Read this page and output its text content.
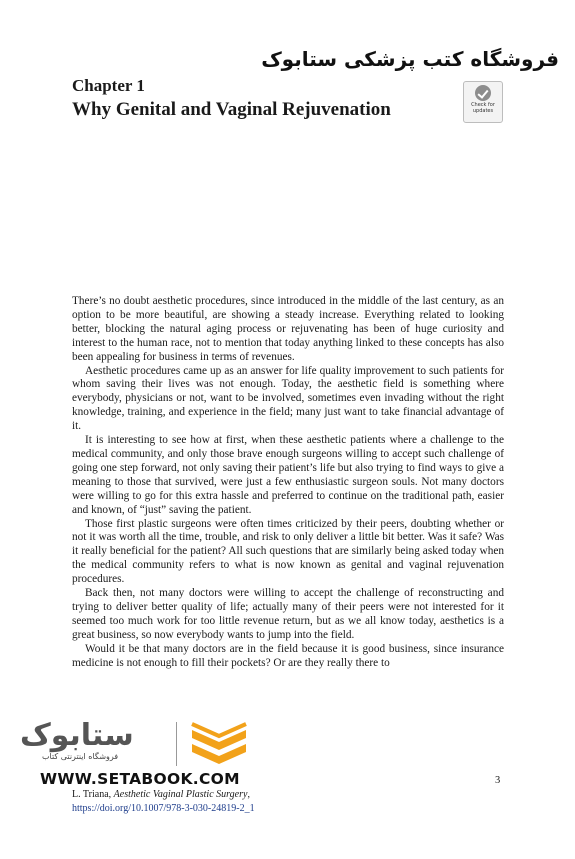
فروشگاه کتب پزشکی ستابوک
Chapter 1
Why Genital and Vaginal Rejuvenation	Check for
updates

There’s no doubt aesthetic procedures, since introduced in the middle of the last century, as an option to be more beautiful, are showing a steady increase. Everything related to looking better, blocking the natural aging process or rejuvenating has been of huge curiosity and interest to the human race, not to mention that today anything linked to these concepts has also been appealing for business in terms of revenues.

Aesthetic procedures came up as an answer for life quality improvement to such patients for whom saving their lives was not enough. Today, the aesthetic field is something where everybody, physicians or not, want to be involved, sometimes even invading without the right knowledge, training, and experience in the field; many just want to take financial advantage of it.

It is interesting to see how at first, when these aesthetic patients where a challenge to the medical community, and only those brave enough surgeons willing to accept such challenge of going one step forward, not only saving their patient’s life but also trying to find ways to give a meaning to those that survived, were just a few enthusiastic surgeon souls. Not many doctors were willing to go for this extra hassle and preferred to continue on the traditional path, easier and known, of “just” saving the patient.

Those first plastic surgeons were often times criticized by their peers, doubting whether or not it was worth all the time, trouble, and risk to only deliver a little bit better. Was it safe? Was it really beneficial for the patient? All such questions that are similarly being asked today when the medical community refers to what is now known as genital and vaginal rejuvenation procedures.

Back then, not many doctors were willing to accept the challenge of reconstructing and trying to deliver better quality of life; actually many of their peers were not interested for it seemed too much work for too little revenue return, but as we all know today, aesthetics is a great business, so now everybody wants to jump into the field.

Would it be that many doctors are in the field because it is good business, since insurance medicine is not enough to fill their pockets? Or are they really there to

ستابوک
فروشگاه اینترنتی کتاب
WWW.SETABOOK.COM	3
L. Triana, Aesthetic Vaginal Plastic Surgery,
https://doi.org/10.1007/978-3-030-24819-2_1
